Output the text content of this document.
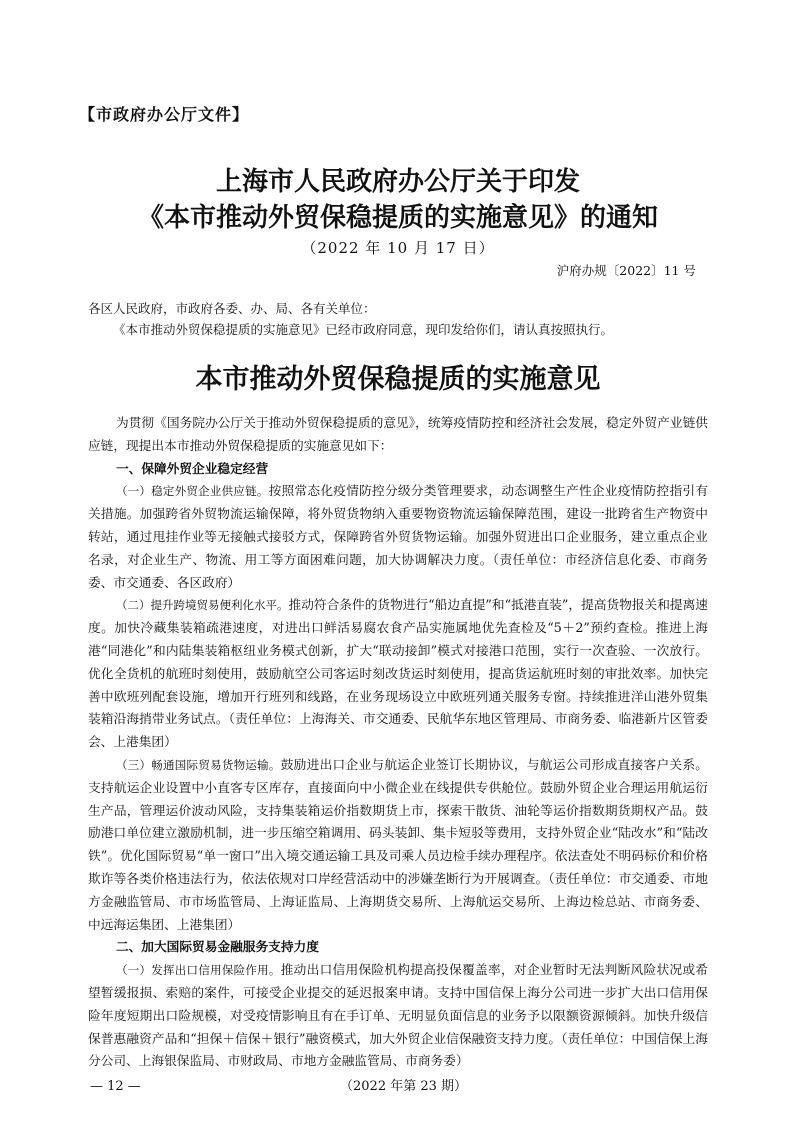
【市政府办公厅文件】
上海市人民政府办公厅关于印发
《本市推动外贸保稳提质的实施意见》的通知
（2022 年 10 月 17 日）
沪府办规〔2022〕11 号
各区人民政府，市政府各委、办、局、各有关单位：
《本市推动外贸保稳提质的实施意见》已经市政府同意，现印发给你们，请认真按照执行。
本市推动外贸保稳提质的实施意见

为贯彻《国务院办公厅关于推动外贸保稳提质的意见》，统筹疫情防控和经济社会发展，稳定外贸产业链供应链，现提出本市推动外贸保稳提质的实施意见如下：

一、保障外贸企业稳定经营

（一）稳定外贸企业供应链。按照常态化疫情防控分级分类管理要求，动态调整生产性企业疫情防控指引有关措施。加强跨省外贸物流运输保障，将外贸货物纳入重要物资物流运输保障范围，建设一批跨省生产物资中转站，通过甩挂作业等无接触式接驳方式，保障跨省外贸货物运输。加强外贸进出口企业服务，建立重点企业名录，对企业生产、物流、用工等方面困难问题，加大协调解决力度。（责任单位：市经济信息化委、市商务委、市交通委、各区政府）

（二）提升跨境贸易便利化水平。推动符合条件的货物进行“船边直提”和“抵港直装”，提高货物报关和提离速度。加快冷藏集装箱疏港速度，对进出口鲜活易腐农食产品实施属地优先查检及“5＋2”预约查检。推进上海港“同港化”和内陆集装箱枢纽业务模式创新，扩大“联动接卸”模式对接港口范围，实行一次查验、一次放行。优化全货机的航班时刻使用，鼓励航空公司客运时刻改货运时刻使用，提高货运航班时刻的审批效率。加快完善中欧班列配套设施，增加开行班列和线路，在业务现场设立中欧班列通关服务专窗。持续推进洋山港外贸集装箱沿海捎带业务试点。（责任单位：上海海关、市交通委、民航华东地区管理局、市商务委、临港新片区管委会、上港集团）

（三）畅通国际贸易货物运输。鼓励进出口企业与航运企业签订长期协议，与航运公司形成直接客户关系。支持航运企业设置中小直客专区库存，直接面向中小微企业在线提供专供舱位。鼓励外贸企业合理运用航运衍生产品，管理运价波动风险，支持集装箱运价指数期货上市，探索干散货、油轮等运价指数期货期权产品。鼓励港口单位建立激励机制，进一步压缩空箱调用、码头装卸、集卡短驳等费用，支持外贸企业“陆改水”和“陆改铁”。优化国际贸易“单一窗口”出入境交通运输工具及司乘人员边检手续办理程序。依法查处不明码标价和价格欺诈等各类价格违法行为，依法依规对口岸经营活动中的涉嫌垄断行为开展调查。（责任单位：市交通委、市地方金融监管局、市市场监管局、上海证监局、上海期货交易所、上海航运交易所、上海边检总站、市商务委、中远海运集团、上港集团）

二、加大国际贸易金融服务支持力度

（一）发挥出口信用保险作用。推动出口信用保险机构提高投保覆盖率，对企业暂时无法判断风险状况或希望暂缓报损、索赔的案件，可接受企业提交的延迟报案申请。支持中国信保上海分公司进一步扩大出口信用保险年度短期出口险规模，对受疫情影响且有在手订单、无明显负面信息的业务予以限额资源倾斜。加快升级信保普惠融资产品和“担保＋信保＋银行”融资模式，加大外贸企业信保融资支持力度。（责任单位：中国信保上海分公司、上海银保监局、市财政局、市地方金融监管局、市商务委）

— 12 —	（2022 年第 23 期）
